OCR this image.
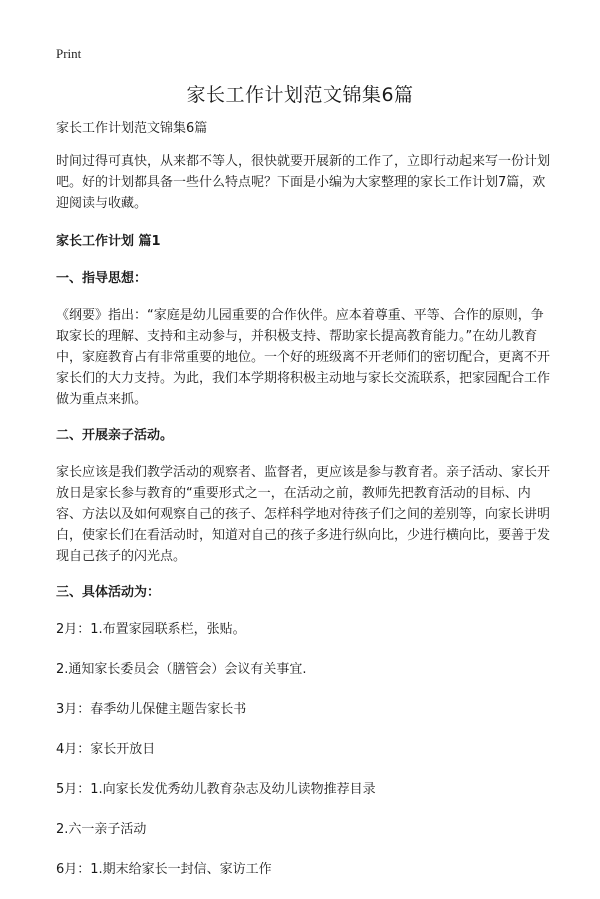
Print
家长工作计划范文锦集6篇

家长工作计划范文锦集6篇

时间过得可真快，从来都不等人，很快就要开展新的工作了，立即行动起来写一份计划吧。好的计划都具备一些什么特点呢？下面是小编为大家整理的家长工作计划7篇，欢迎阅读与收藏。

家长工作计划 篇1

一、指导思想：

《纲要》指出：“家庭是幼儿园重要的合作伙伴。应本着尊重、平等、合作的原则，争取家长的理解、支持和主动参与，并积极支持、帮助家长提高教育能力。”在幼儿教育中，家庭教育占有非常重要的地位。一个好的班级离不开老师们的密切配合，更离不开家长们的大力支持。为此，我们本学期将积极主动地与家长交流联系，把家园配合工作做为重点来抓。

二、开展亲子活动。

家长应该是我们教学活动的观察者、监督者，更应该是参与教育者。亲子活动、家长开放日是家长参与教育的“重要形式之一，在活动之前，教师先把教育活动的目标、内容、方法以及如何观察自己的孩子、怎样科学地对待孩子们之间的差别等，向家长讲明白，使家长们在看活动时，知道对自己的孩子多进行纵向比，少进行横向比，要善于发现自己孩子的闪光点。

三、具体活动为：

2月：1.布置家园联系栏，张贴。

2.通知家长委员会（膳管会）会议有关事宜.

3月：春季幼儿保健主题告家长书

4月：家长开放日

5月：1.向家长发优秀幼儿教育杂志及幼儿读物推荐目录

2.六一亲子活动

6月：1.期末给家长一封信、家访工作
